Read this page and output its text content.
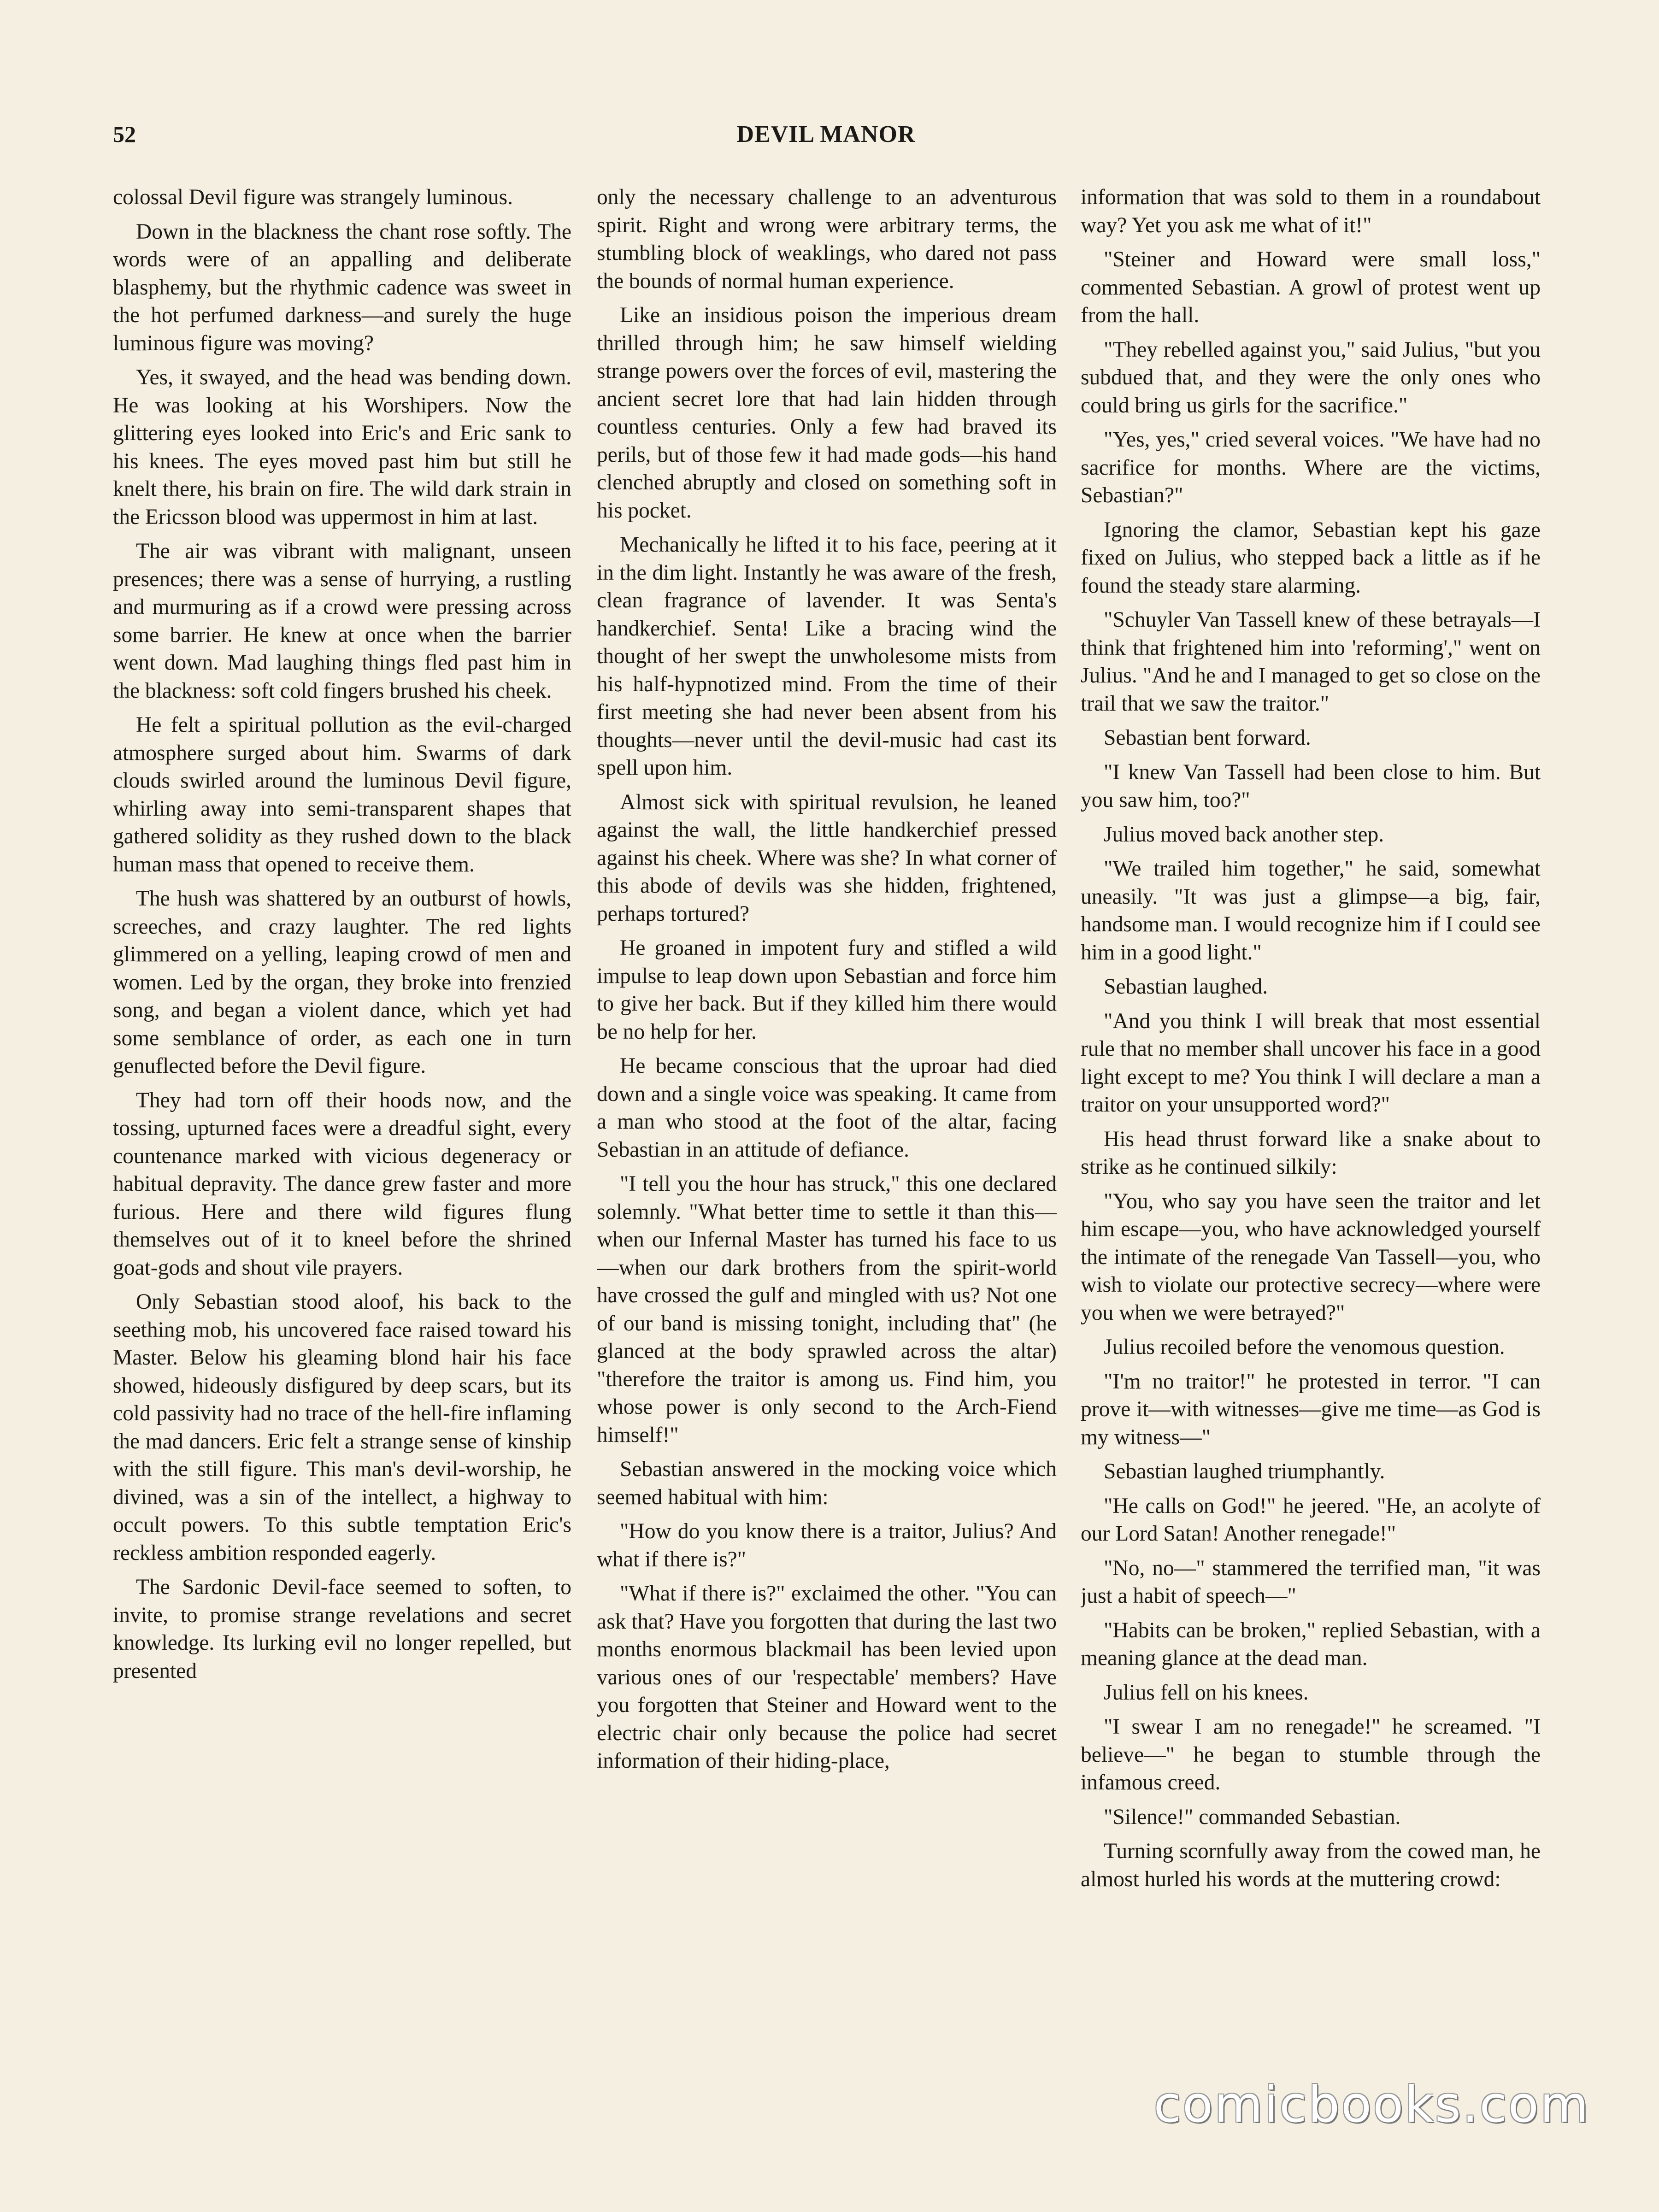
52	DEVIL MANOR

colossal Devil figure was strangely luminous.

Down in the blackness the chant rose softly. The words were of an appalling and deliberate blasphemy, but the rhythmic cadence was sweet in the hot perfumed darkness—and surely the huge luminous figure was moving?

Yes, it swayed, and the head was bending down. He was looking at his Worshipers. Now the glittering eyes looked into Eric's and Eric sank to his knees. The eyes moved past him but still he knelt there, his brain on fire. The wild dark strain in the Ericsson blood was uppermost in him at last.

The air was vibrant with malignant, unseen presences; there was a sense of hurrying, a rustling and murmuring as if a crowd were pressing across some barrier. He knew at once when the barrier went down. Mad laughing things fled past him in the blackness: soft cold fingers brushed his cheek.

He felt a spiritual pollution as the evil-charged atmosphere surged about him. Swarms of dark clouds swirled around the luminous Devil figure, whirling away into semi-transparent shapes that gathered solidity as they rushed down to the black human mass that opened to receive them.

The hush was shattered by an outburst of howls, screeches, and crazy laughter. The red lights glimmered on a yelling, leaping crowd of men and women. Led by the organ, they broke into frenzied song, and began a violent dance, which yet had some semblance of order, as each one in turn genuflected before the Devil figure.

They had torn off their hoods now, and the tossing, upturned faces were a dreadful sight, every countenance marked with vicious degeneracy or habitual depravity. The dance grew faster and more furious. Here and there wild figures flung themselves out of it to kneel before the shrined goat-gods and shout vile prayers.

Only Sebastian stood aloof, his back to the seething mob, his uncovered face raised toward his Master. Below his gleaming blond hair his face showed, hideously disfigured by deep scars, but its cold passivity had no trace of the hell-fire inflaming the mad dancers. Eric felt a strange sense of kinship with the still figure. This man's devil-worship, he divined, was a sin of the intellect, a highway to occult powers. To this subtle temptation Eric's reckless ambition responded eagerly.

The Sardonic Devil-face seemed to soften, to invite, to promise strange revelations and secret knowledge. Its lurking evil no longer repelled, but presented

only the necessary challenge to an adventurous spirit. Right and wrong were arbitrary terms, the stumbling block of weaklings, who dared not pass the bounds of normal human experience.

Like an insidious poison the imperious dream thrilled through him; he saw himself wielding strange powers over the forces of evil, mastering the ancient secret lore that had lain hidden through countless centuries. Only a few had braved its perils, but of those few it had made gods—his hand clenched abruptly and closed on something soft in his pocket.

Mechanically he lifted it to his face, peering at it in the dim light. Instantly he was aware of the fresh, clean fragrance of lavender. It was Senta's handkerchief. Senta! Like a bracing wind the thought of her swept the unwholesome mists from his half-hypnotized mind. From the time of their first meeting she had never been absent from his thoughts—never until the devil-music had cast its spell upon him.

Almost sick with spiritual revulsion, he leaned against the wall, the little handkerchief pressed against his cheek. Where was she? In what corner of this abode of devils was she hidden, frightened, perhaps tortured?

He groaned in impotent fury and stifled a wild impulse to leap down upon Sebastian and force him to give her back. But if they killed him there would be no help for her.

He became conscious that the uproar had died down and a single voice was speaking. It came from a man who stood at the foot of the altar, facing Sebastian in an attitude of defiance.

"I tell you the hour has struck," this one declared solemnly. "What better time to settle it than this—when our Infernal Master has turned his face to us—when our dark brothers from the spirit-world have crossed the gulf and mingled with us? Not one of our band is missing tonight, including that" (he glanced at the body sprawled across the altar) "therefore the traitor is among us. Find him, you whose power is only second to the Arch-Fiend himself!"

Sebastian answered in the mocking voice which seemed habitual with him:

"How do you know there is a traitor, Julius? And what if there is?"

"What if there is?" exclaimed the other. "You can ask that? Have you forgotten that during the last two months enormous blackmail has been levied upon various ones of our 'respectable' members? Have you forgotten that Steiner and Howard went to the electric chair only because the police had secret information of their hiding-place,

information that was sold to them in a roundabout way? Yet you ask me what of it!"

"Steiner and Howard were small loss," commented Sebastian. A growl of protest went up from the hall.

"They rebelled against you," said Julius, "but you subdued that, and they were the only ones who could bring us girls for the sacrifice."

"Yes, yes," cried several voices. "We have had no sacrifice for months. Where are the victims, Sebastian?"

Ignoring the clamor, Sebastian kept his gaze fixed on Julius, who stepped back a little as if he found the steady stare alarming.

"Schuyler Van Tassell knew of these betrayals—I think that frightened him into 'reforming'," went on Julius. "And he and I managed to get so close on the trail that we saw the traitor."

Sebastian bent forward.

"I knew Van Tassell had been close to him. But you saw him, too?"

Julius moved back another step.

"We trailed him together," he said, somewhat uneasily. "It was just a glimpse—a big, fair, handsome man. I would recognize him if I could see him in a good light."

Sebastian laughed.

"And you think I will break that most essential rule that no member shall uncover his face in a good light except to me? You think I will declare a man a traitor on your unsupported word?"

His head thrust forward like a snake about to strike as he continued silkily:

"You, who say you have seen the traitor and let him escape—you, who have acknowledged yourself the intimate of the renegade Van Tassell—you, who wish to violate our protective secrecy—where were you when we were betrayed?"

Julius recoiled before the venomous question.

"I'm no traitor!" he protested in terror. "I can prove it—with witnesses—give me time—as God is my witness—"

Sebastian laughed triumphantly.

"He calls on God!" he jeered. "He, an acolyte of our Lord Satan! Another renegade!"

"No, no—" stammered the terrified man, "it was just a habit of speech—"

"Habits can be broken," replied Sebastian, with a meaning glance at the dead man.

Julius fell on his knees.

"I swear I am no renegade!" he screamed. "I believe—" he began to stumble through the infamous creed.

"Silence!" commanded Sebastian.

Turning scornfully away from the cowed man, he almost hurled his words at the muttering crowd:

comicbooks.com
